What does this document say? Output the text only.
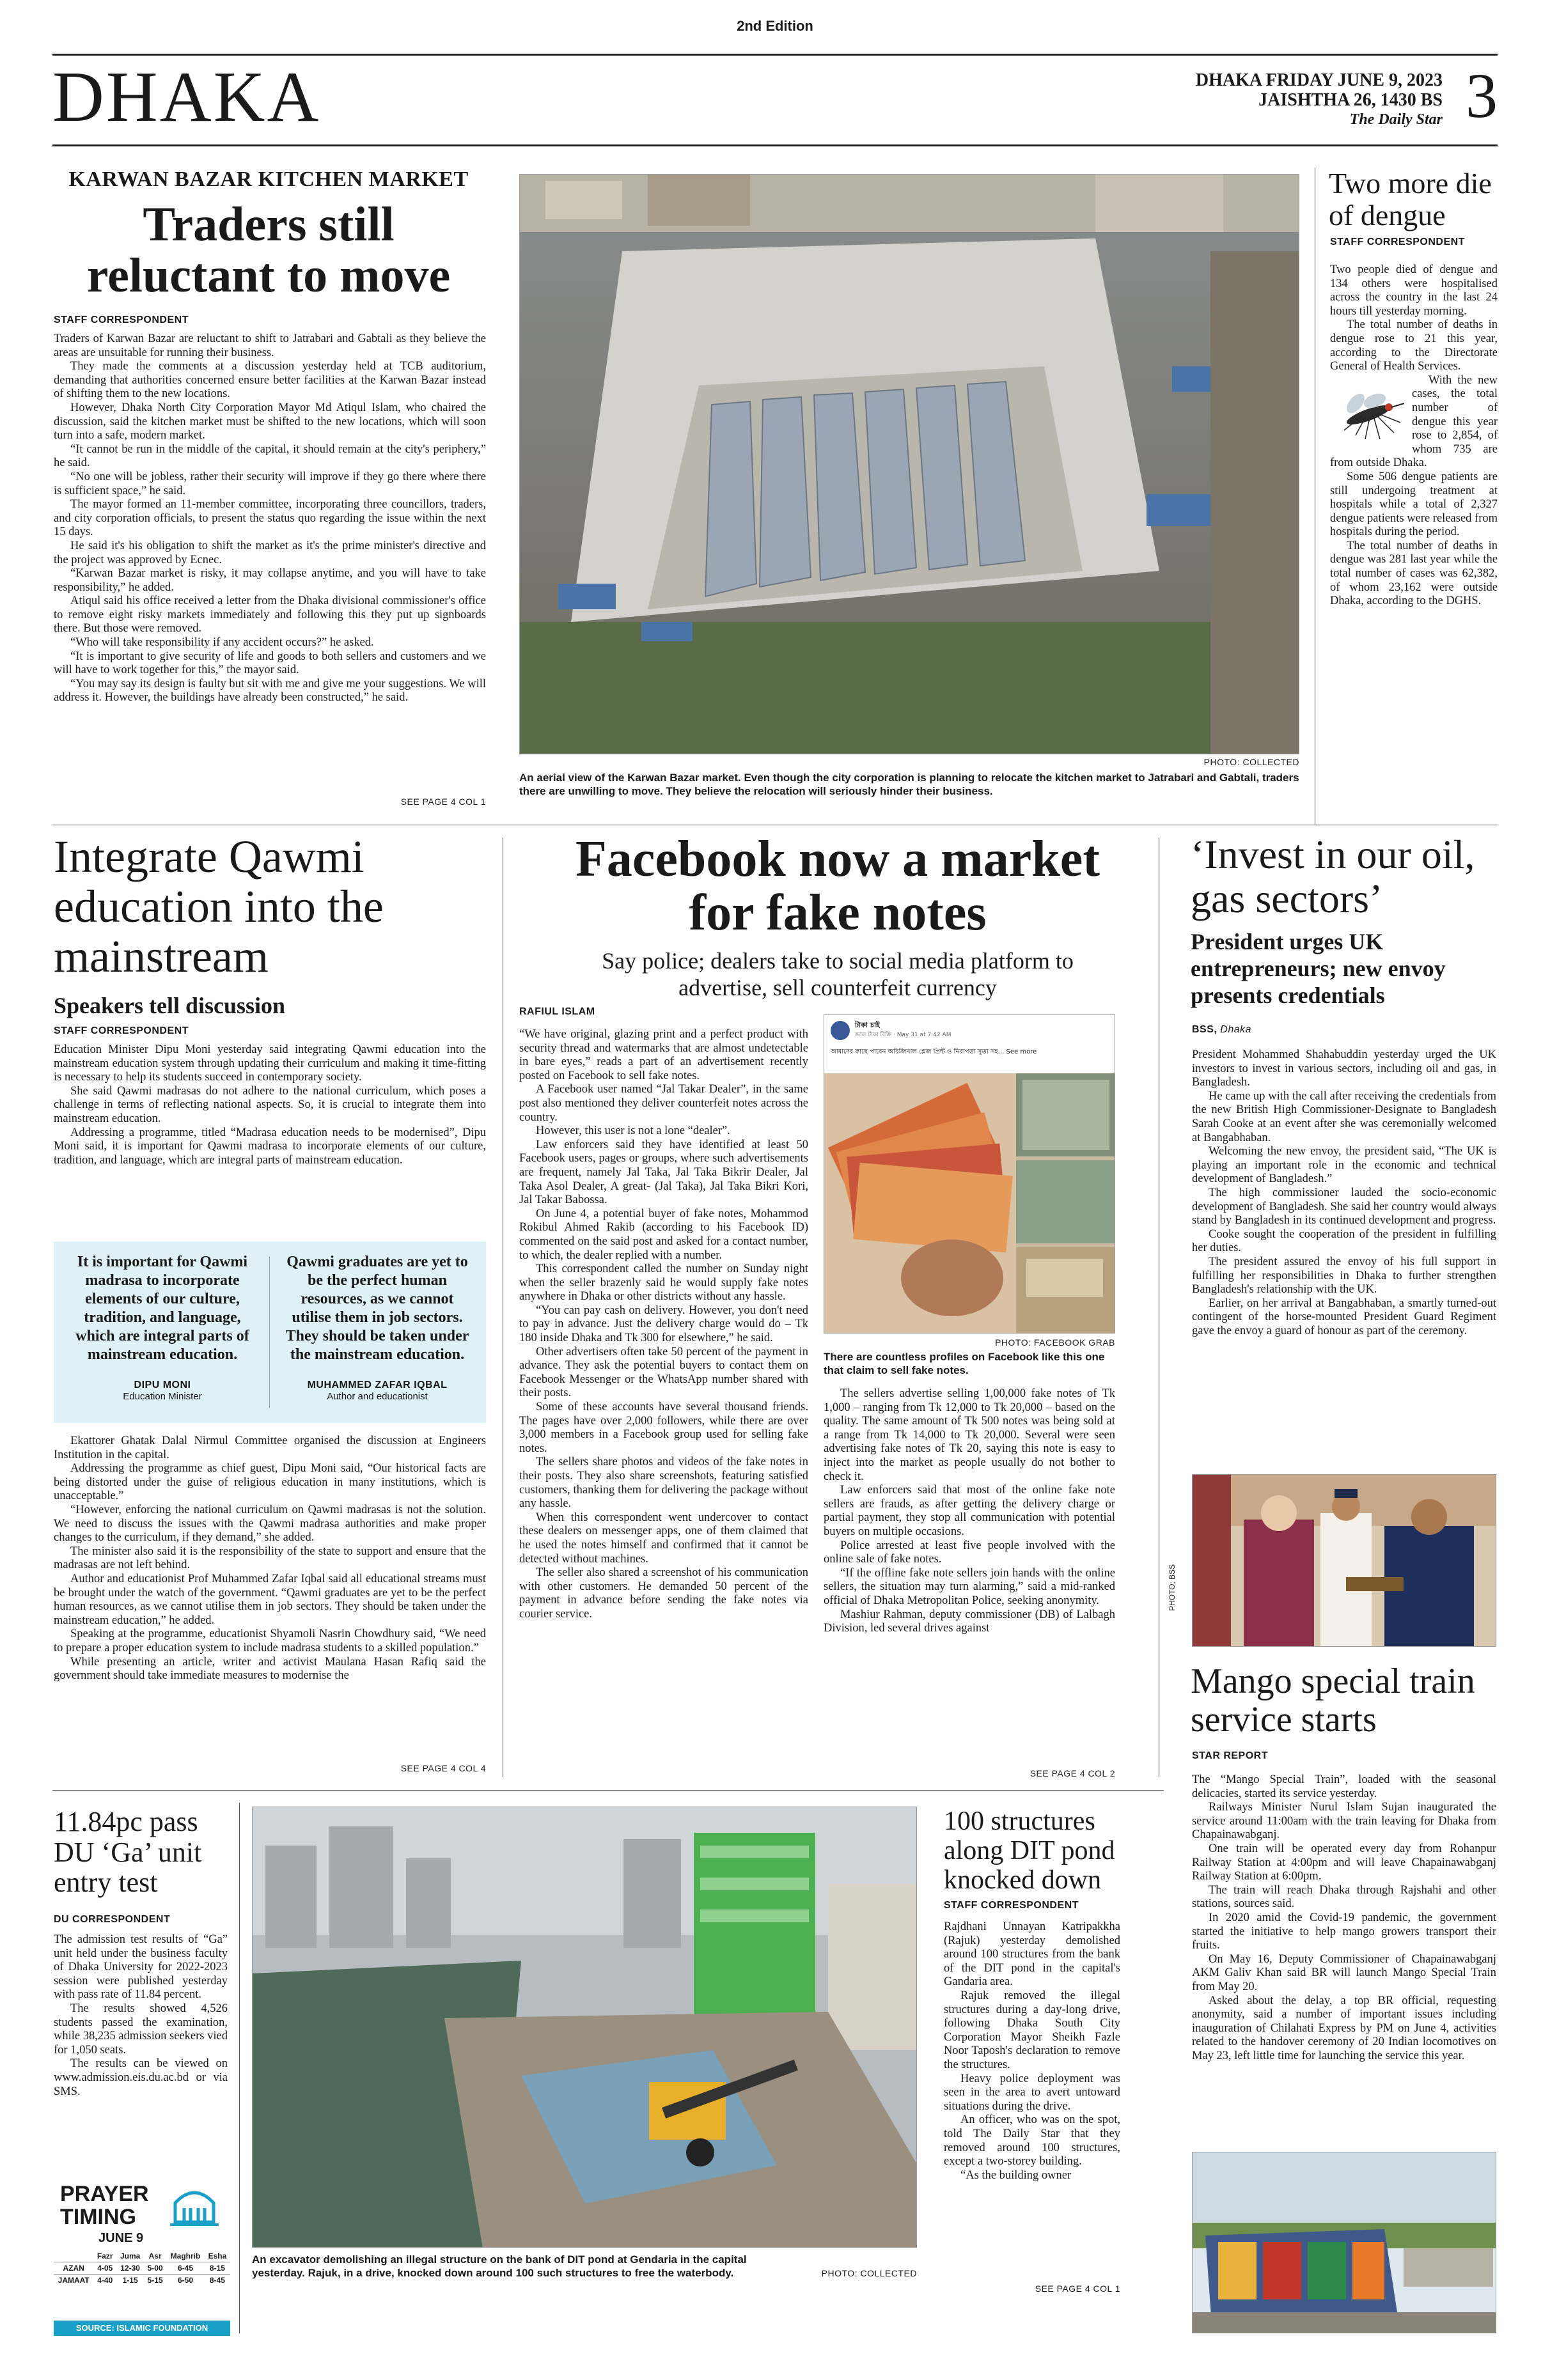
2nd Edition
DHAKA	DHAKA FRIDAY JUNE 9, 2023
JAISHTHA 26, 1430 BS
The Daily Star 3
KARWAN BAZAR KITCHEN MARKET
Traders still reluctant to move
STAFF CORRESPONDENT

Traders of Karwan Bazar are reluctant to shift to Jatrabari and Gabtali as they believe the areas are unsuitable for running their business.

They made the comments at a discussion yesterday held at TCB auditorium, demanding that authorities concerned ensure better facilities at the Karwan Bazar instead of shifting them to the new locations.

However, Dhaka North City Corporation Mayor Md Atiqul Islam, who chaired the discussion, said the kitchen market must be shifted to the new locations, which will soon turn into a safe, modern market.

“It cannot be run in the middle of the capital, it should remain at the city's periphery,” he said.

“No one will be jobless, rather their security will improve if they go there where there is sufficient space,” he said.

The mayor formed an 11-member committee, incorporating three councillors, traders, and city corporation officials, to present the status quo regarding the issue within the next 15 days.

He said it's his obligation to shift the market as it's the prime minister's directive and the project was approved by Ecnec.

“Karwan Bazar market is risky, it may collapse anytime, and you will have to take responsibility,” he added.

Atiqul said his office received a letter from the Dhaka divisional commissioner's office to remove eight risky markets immediately and following this they put up signboards there. But those were removed.

“Who will take responsibility if any accident occurs?” he asked.

“It is important to give security of life and goods to both sellers and customers and we will have to work together for this,” the mayor said.

“You may say its design is faulty but sit with me and give me your suggestions. We will address it. However, the buildings have already been constructed,” he said.

SEE PAGE 4 COL 1
PHOTO: COLLECTED
An aerial view of the Karwan Bazar market. Even though the city corporation is planning to relocate the kitchen market to Jatrabari and Gabtali, traders there are unwilling to move. They believe the relocation will seriously hinder their business.
Two more die of dengue
STAFF CORRESPONDENT

Two people died of dengue and 134 others were hospitalised across the country in the last 24 hours till yesterday morning.

The total number of deaths in dengue rose to 21 this year, according to the Directorate General of Health Services.

With the new cases, the total number of dengue this year rose to 2,854, of whom 735 are from outside Dhaka.

Some 506 dengue patients are still undergoing treatment at hospitals while a total of 2,327 dengue patients were released from hospitals during the period.

The total number of deaths in dengue was 281 last year while the total number of cases was 62,382, of whom 23,162 were outside Dhaka, according to the DGHS.

Integrate Qawmi education into the mainstream
Speakers tell discussion
STAFF CORRESPONDENT

Education Minister Dipu Moni yesterday said integrating Qawmi education into the mainstream education system through updating their curriculum and making it time-fitting is necessary to help its students succeed in contemporary society.

She said Qawmi madrasas do not adhere to the national curriculum, which poses a challenge in terms of reflecting national aspects. So, it is crucial to integrate them into mainstream education.

Addressing a programme, titled “Madrasa education needs to be modernised”, Dipu Moni said, it is important for Qawmi madrasa to incorporate elements of our culture, tradition, and language, which are integral parts of mainstream education.

It is important for Qawmi madrasa to incorporate elements of our culture, tradition, and language, which are integral parts of mainstream education.
DIPU MONI
Education Minister
Qawmi graduates are yet to be the perfect human resources, as we cannot utilise them in job sectors. They should be taken under the mainstream education.
MUHAMMED ZAFAR IQBAL
Author and educationist

Ekattorer Ghatak Dalal Nirmul Committee organised the discussion at Engineers Institution in the capital.

Addressing the programme as chief guest, Dipu Moni said, “Our historical facts are being distorted under the guise of religious education in many institutions, which is unacceptable.”

“However, enforcing the national curriculum on Qawmi madrasas is not the solution. We need to discuss the issues with the Qawmi madrasa authorities and make proper changes to the curriculum, if they demand,” she added.

The minister also said it is the responsibility of the state to support and ensure that the madrasas are not left behind.

Author and educationist Prof Muhammed Zafar Iqbal said all educational streams must be brought under the watch of the government. “Qawmi graduates are yet to be the perfect human resources, as we cannot utilise them in job sectors. They should be taken under the mainstream education,” he added.

Speaking at the programme, educationist Shyamoli Nasrin Chowdhury said, “We need to prepare a proper education system to include madrasa students to a skilled population.”

While presenting an article, writer and activist Maulana Hasan Rafiq said the government should take immediate measures to modernise the

SEE PAGE 4 COL 4
Facebook now a market for fake notes
Say police; dealers take to social media platform to advertise, sell counterfeit currency
RAFIUL ISLAM

“We have original, glazing print and a perfect product with security thread and watermarks that are almost undetectable in bare eyes,” reads a part of an advertisement recently posted on Facebook to sell fake notes.

A Facebook user named “Jal Takar Dealer”, in the same post also mentioned they deliver counterfeit notes across the country.

However, this user is not a lone “dealer”.

Law enforcers said they have identified at least 50 Facebook users, pages or groups, where such advertisements are frequent, namely Jal Taka, Jal Taka Bikrir Dealer, Jal Taka Asol Dealer, A great- (Jal Taka), Jal Taka Bikri Kori, Jal Takar Babossa.

On June 4, a potential buyer of fake notes, Mohammod Rokibul Ahmed Rakib (according to his Facebook ID) commented on the said post and asked for a contact number, to which, the dealer replied with a number.

This correspondent called the number on Sunday night when the seller brazenly said he would supply fake notes anywhere in Dhaka or other districts without any hassle.

“You can pay cash on delivery. However, you don't need to pay in advance. Just the delivery charge would do – Tk 180 inside Dhaka and Tk 300 for elsewhere,” he said.

Other advertisers often take 50 percent of the payment in advance. They ask the potential buyers to contact them on Facebook Messenger or the WhatsApp number shared with their posts.

Some of these accounts have several thousand friends. The pages have over 2,000 followers, while there are over 3,000 members in a Facebook group used for selling fake notes.

The sellers share photos and videos of the fake notes in their posts. They also share screenshots, featuring satisfied customers, thanking them for delivering the package without any hassle.

When this correspondent went undercover to contact these dealers on messenger apps, one of them claimed that he used the notes himself and confirmed that it cannot be detected without machines.

The seller also shared a screenshot of his communication with other customers. He demanded 50 percent of the payment in advance before sending the fake notes via courier service.

টাকা চাই
জাল টাকা বিক্রি · May 31 at 7:42 AM
আমাদের কাছে পাবেন অরিজিনাল গ্লেজ প্রিন্ট ও নিরাপত্তা সুতা সহ... See more
PHOTO: FACEBOOK GRAB
There are countless profiles on Facebook like this one that claim to sell fake notes.

The sellers advertise selling 1,00,000 fake notes of Tk 1,000 – ranging from Tk 12,000 to Tk 20,000 – based on the quality. The same amount of Tk 500 notes was being sold at a range from Tk 14,000 to Tk 20,000. Several were seen advertising fake notes of Tk 20, saying this note is easy to inject into the market as people usually do not bother to check it.

Law enforcers said that most of the online fake note sellers are frauds, as after getting the delivery charge or partial payment, they stop all communication with potential buyers on multiple occasions.

Police arrested at least five people involved with the online sale of fake notes.

“If the offline fake note sellers join hands with the online sellers, the situation may turn alarming,” said a mid-ranked official of Dhaka Metropolitan Police, seeking anonymity.

Mashiur Rahman, deputy commissioner (DB) of Lalbagh Division, led several drives against

SEE PAGE 4 COL 2
‘Invest in our oil, gas sectors’
President urges UK entrepreneurs; new envoy presents credentials
BSS, Dhaka

President Mohammed Shahabuddin yesterday urged the UK investors to invest in various sectors, including oil and gas, in Bangladesh.

He came up with the call after receiving the credentials from the new British High Commissioner-Designate to Bangladesh Sarah Cooke at an event after she was ceremonially welcomed at Bangabhaban.

Welcoming the new envoy, the president said, “The UK is playing an important role in the economic and technical development of Bangladesh.”

The high commissioner lauded the socio-economic development of Bangladesh. She said her country would always stand by Bangladesh in its continued development and progress.

Cooke sought the cooperation of the president in fulfilling her duties.

The president assured the envoy of his full support in fulfilling her responsibilities in Dhaka to further strengthen Bangladesh's relationship with the UK.

Earlier, on her arrival at Bangabhaban, a smartly turned-out contingent of the horse-mounted President Guard Regiment gave the envoy a guard of honour as part of the ceremony.

PHOTO: BSS
Mango special train service starts
STAR REPORT

The “Mango Special Train”, loaded with the seasonal delicacies, started its service yesterday.

Railways Minister Nurul Islam Sujan inaugurated the service around 11:00am with the train leaving for Dhaka from Chapainawabganj.

One train will be operated every day from Rohanpur Railway Station at 4:00pm and will leave Chapainawabganj Railway Station at 6:00pm.

The train will reach Dhaka through Rajshahi and other stations, sources said.

In 2020 amid the Covid-19 pandemic, the government started the initiative to help mango growers transport their fruits.

On May 16, Deputy Commissioner of Chapainawabganj AKM Galiv Khan said BR will launch Mango Special Train from May 20.

Asked about the delay, a top BR official, requesting anonymity, said a number of important issues including inauguration of Chilahati Express by PM on June 4, activities related to the handover ceremony of 20 Indian locomotives on May 23, left little time for launching the service this year.

11.84pc pass DU ‘Ga’ unit entry test
DU CORRESPONDENT

The admission test results of “Ga” unit held under the business faculty of Dhaka University for 2022-2023 session were published yesterday with pass rate of 11.84 percent.

The results showed 4,526 students passed the examination, while 38,235 admission seekers vied for 1,050 seats.

The results can be viewed on www.admission.eis.du.ac.bd or via SMS.

PRAYER
TIMING
JUNE 9
	Fazr	Juma	Asr	Maghrib	Esha
AZAN	4-05	12-30	5-00	6-45	8-15
JAMAAT	4-40	1-15	5-15	6-50	8-45
SOURCE: ISLAMIC FOUNDATION
An excavator demolishing an illegal structure on the bank of DIT pond at Gendaria in the capital yesterday. Rajuk, in a drive, knocked down around 100 such structures to free the waterbody.	PHOTO: COLLECTED
100 structures along DIT pond knocked down
STAFF CORRESPONDENT

Rajdhani Unnayan Katripakkha (Rajuk) yesterday demolished around 100 structures from the bank of the DIT pond in the capital's Gandaria area.

Rajuk removed the illegal structures during a day-long drive, following Dhaka South City Corporation Mayor Sheikh Fazle Noor Taposh's declaration to remove the structures.

Heavy police deployment was seen in the area to avert untoward situations during the drive.

An officer, who was on the spot, told The Daily Star that they removed around 100 structures, except a two-storey building.

“As the building owner

SEE PAGE 4 COL 1
